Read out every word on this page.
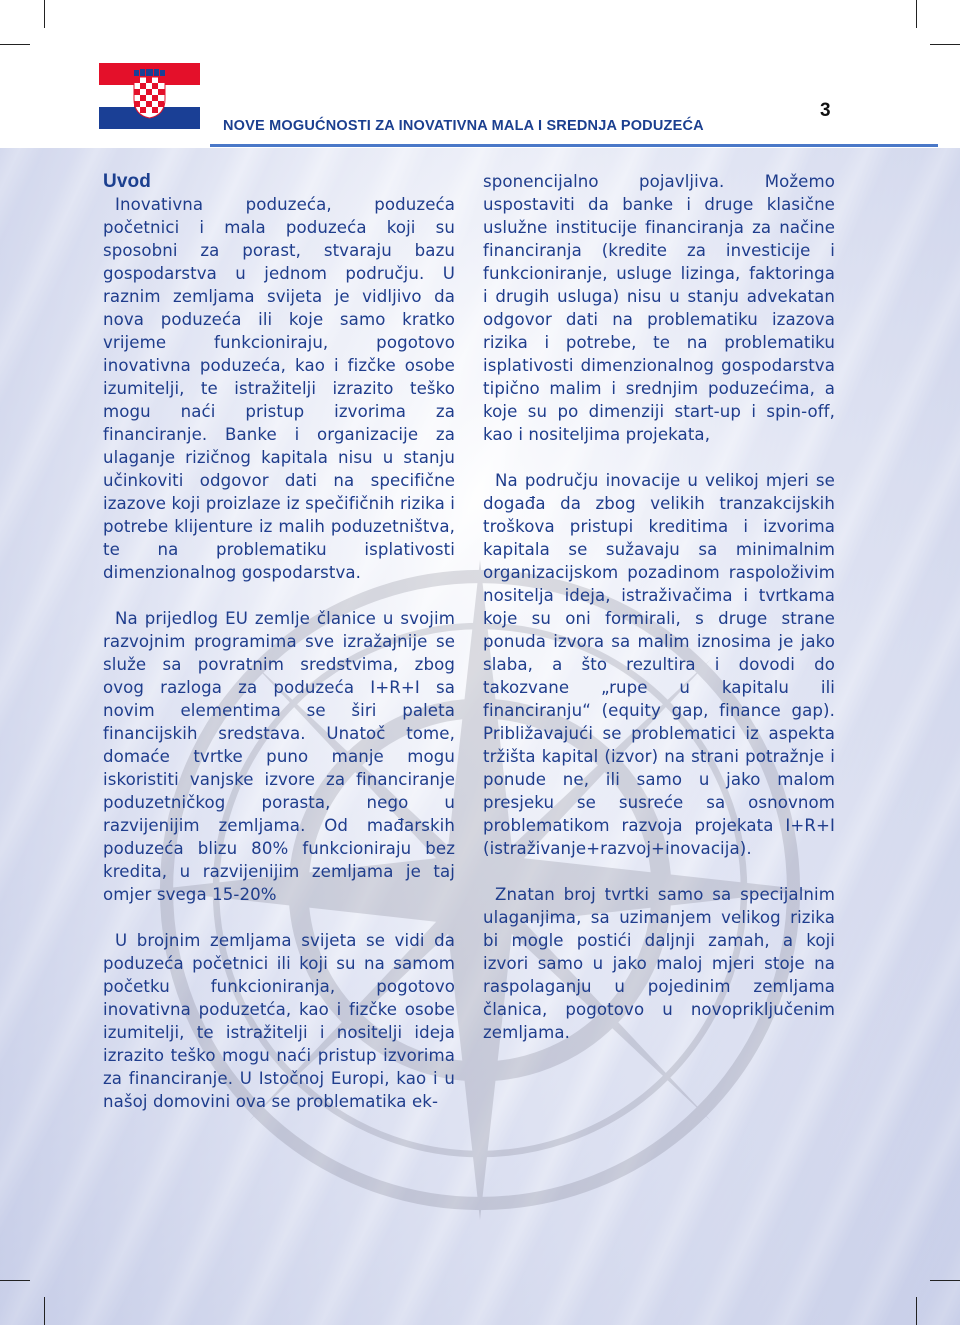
NOVE MOGUĆNOSTI ZA INOVATIVNA MALA I SREDNJA PODUZEĆA
3
Uvod

Inovativna poduzeća, poduzeća početnici i mala poduzeća koji su sposobni za porast, stvaraju bazu gospodarstva u jednom području. U raznim zemljama svijeta je vidljivo da nova poduzeća ili koje samo kratko vrijeme funkcioniraju, pogotovo inovativna poduzeća, kao i fizčke osobe izumitelji, te istražitelji izrazito teško mogu naći pristup izvorima za financiranje. Banke i organizacije za ulaganje rizičnog kapitala nisu u stanju učinkoviti odgovor dati na specifične izazove koji proizlaze iz spečifičnih rizika i potrebe klijenture iz malih poduzetništva, te na problematiku isplativosti dimenzionalnog gospodarstva.

Na prijedlog EU zemlje članice u svojim razvojnim programima sve izražajnije se služe sa povratnim sredstvima, zbog ovog razloga za poduzeća I+R+I sa novim elementima se širi paleta financijskih sredstava. Unatoč tome, domaće tvrtke puno manje mogu iskoristiti vanjske izvore za financiranje poduzetničkog porasta, nego u razvijenijim zemljama. Od mađarskih poduzeća blizu 80% funkcioniraju bez kredita, u razvijenijim zemljama je taj omjer svega 15-20%

U brojnim zemljama svijeta se vidi da poduzeća početnici ili koji su na samom početku funkcioniranja, pogotovo inovativna poduzetća, kao i fizčke osobe izumitelji, te istražitelji i nositelji ideja izrazito teško mogu naći pristup izvorima za financiranje. U Istočnoj Europi, kao i u našoj domovini ova se problematika ek-

sponencijalno pojavljiva. Možemo uspostaviti da banke i druge klasične uslužne institucije financiranja za načine financiranja (kredite za investicije i funkcioniranje, usluge lizinga, faktoringa i drugih usluga) nisu u stanju advekatan odgovor dati na problematiku izazova rizika i potrebe, te na problematiku isplativosti dimenzionalnog gospodarstva tipično malim i srednjim poduzećima, a koje su po dimenziji start-up i spin-off, kao i nositeljima projekata,

Na području inovacije u velikoj mjeri se događa da zbog velikih tranzakcijskih troškova pristupi kreditima i izvorima kapitala se sužavaju sa minimalnim organizacijskom pozadinom raspoloživim nositelja ideja, istraživačima i tvrtkama koje su oni formirali, s druge strane ponuda izvora sa malim iznosima je jako slaba, a što rezultira i dovodi do takozvane „rupe u kapitalu ili financiranju“ (equity gap, finance gap). Približavajući se problematici iz aspekta tržišta kapital (izvor) na strani potražnje i ponude ne, ili samo u jako malom presjeku se susreće sa osnovnom problematikom razvoja projekata I+R+I (istraživanje+razvoj+inovacija).

Znatan broj tvrtki samo sa specijalnim ulaganjima, sa uzimanjem velikog rizika bi mogle postići daljnji zamah, a koji izvori samo u jako maloj mjeri stoje na raspolaganju u pojedinim zemljama članica, pogotovo u novopriključenim zemljama.
